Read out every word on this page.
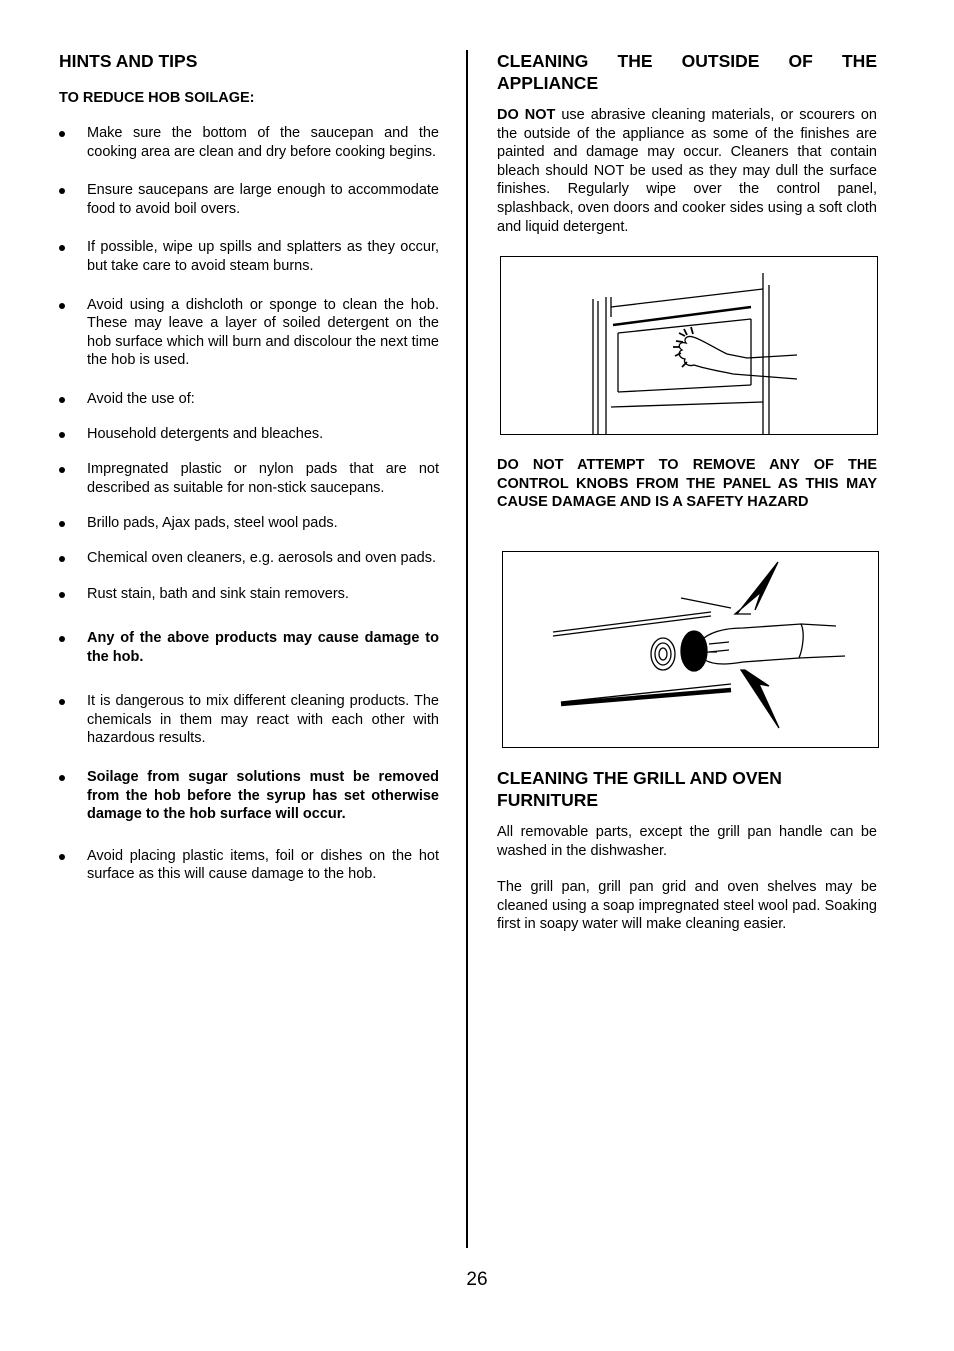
HINTS AND TIPS
TO REDUCE HOB SOILAGE:
Make sure the bottom of the saucepan and the cooking area are clean and dry before cooking begins.
Ensure saucepans are large enough to accommodate food to avoid boil overs.
If possible, wipe up spills and splatters as they occur, but take care to avoid steam burns.
Avoid using a dishcloth or sponge to clean the hob. These may leave a layer of soiled detergent on the hob surface which will burn and discolour the next time the hob is used.
Avoid the use of:
Household detergents and bleaches.
Impregnated plastic or nylon pads that are not described as suitable for non-stick saucepans.
Brillo pads, Ajax pads, steel wool pads.
Chemical oven cleaners, e.g. aerosols and oven pads.
Rust stain, bath and sink stain removers.
Any of the above products may cause damage to the hob.
It is dangerous to mix different cleaning products. The chemicals in them may react with each other with hazardous results.
Soilage from sugar solutions must be removed from the hob before the syrup has set otherwise damage to the hob surface will occur.
Avoid placing plastic items, foil or dishes on the hot surface as this will cause damage to the hob.
CLEANING THE OUTSIDE OF THE APPLIANCE

DO NOT use abrasive cleaning materials, or scourers on the outside of the appliance as some of the finishes are painted and damage may occur. Cleaners that contain bleach should NOT be used as they may dull the surface finishes. Regularly wipe over the control panel, splashback, oven doors and cooker sides using a soft cloth and liquid detergent.

DO NOT ATTEMPT TO REMOVE ANY OF THE CONTROL KNOBS FROM THE PANEL AS THIS MAY CAUSE DAMAGE AND IS A SAFETY HAZARD

CLEANING THE GRILL AND OVEN FURNITURE

All removable parts, except the grill pan handle can be washed in the dishwasher.

The grill pan, grill pan grid and oven shelves may be cleaned using a soap impregnated steel wool pad. Soaking first in soapy water will make cleaning easier.

26
